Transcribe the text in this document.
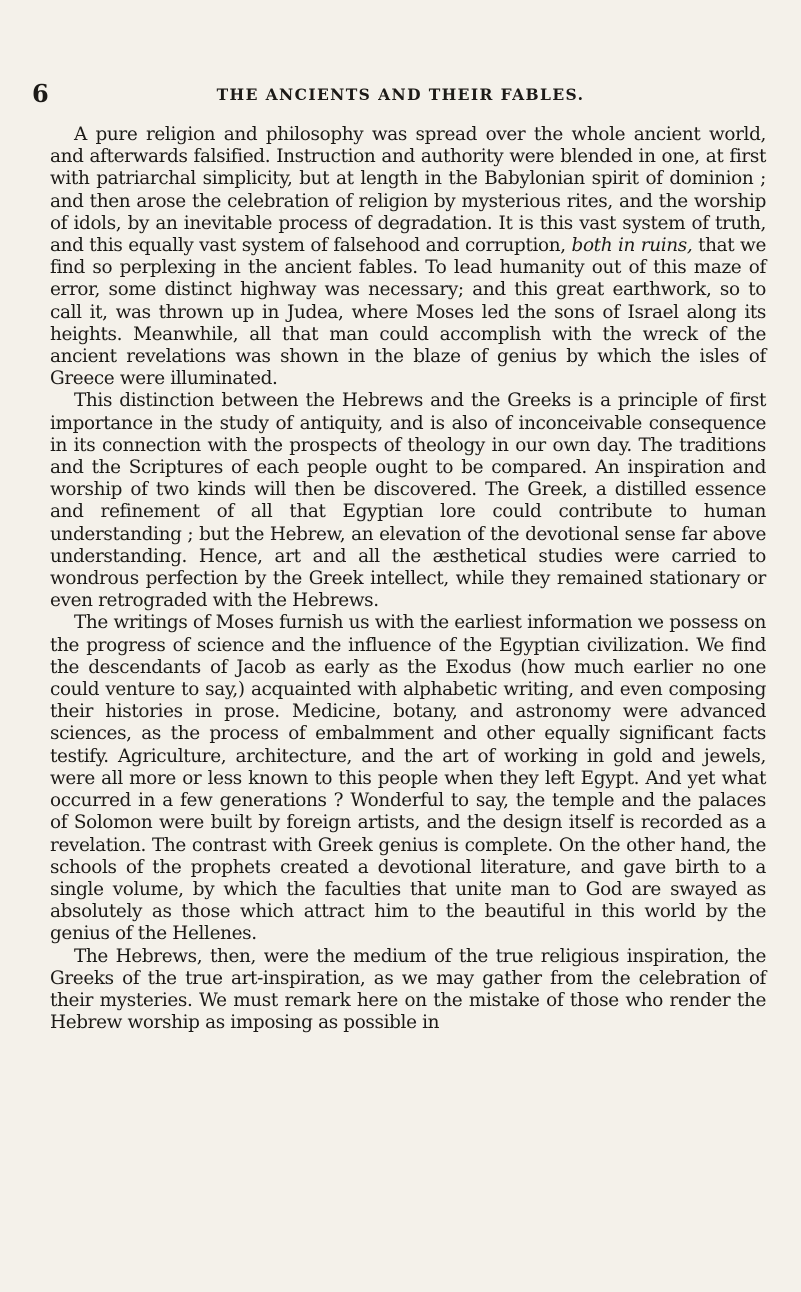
6	THE ANCIENTS AND THEIR FABLES.

A pure religion and philosophy was spread over the whole ancient world, and afterwards falsified. Instruction and authority were blended in one, at first with patriarchal simplicity, but at length in the Babylonian spirit of dominion ; and then arose the celebration of religion by mysterious rites, and the worship of idols, by an inevitable process of degradation. It is this vast system of truth, and this equally vast system of falsehood and corruption, both in ruins, that we find so perplexing in the ancient fables. To lead humanity out of this maze of error, some distinct highway was necessary; and this great earthwork, so to call it, was thrown up in Judea, where Moses led the sons of Israel along its heights. Meanwhile, all that man could accomplish with the wreck of the ancient revelations was shown in the blaze of genius by which the isles of Greece were illuminated.

This distinction between the Hebrews and the Greeks is a principle of first importance in the study of antiquity, and is also of inconceivable consequence in its connection with the prospects of theology in our own day. The traditions and the Scriptures of each people ought to be compared. An inspiration and worship of two kinds will then be discovered. The Greek, a distilled essence and refinement of all that Egyptian lore could contribute to human understanding ; but the Hebrew, an elevation of the devotional sense far above understanding. Hence, art and all the æsthetical studies were carried to wondrous perfection by the Greek intellect, while they remained stationary or even retrograded with the Hebrews.

The writings of Moses furnish us with the earliest information we possess on the progress of science and the influence of the Egyptian civilization. We find the descendants of Jacob as early as the Exodus (how much earlier no one could venture to say,) acquainted with alphabetic writing, and even composing their histories in prose. Medicine, botany, and astronomy were advanced sciences, as the process of embalmment and other equally significant facts testify. Agriculture, architecture, and the art of working in gold and jewels, were all more or less known to this people when they left Egypt. And yet what occurred in a few generations ? Wonderful to say, the temple and the palaces of Solomon were built by foreign artists, and the design itself is recorded as a revelation. The contrast with Greek genius is complete. On the other hand, the schools of the prophets created a devotional literature, and gave birth to a single volume, by which the faculties that unite man to God are swayed as absolutely as those which attract him to the beautiful in this world by the genius of the Hellenes.

The Hebrews, then, were the medium of the true religious inspiration, the Greeks of the true art-inspiration, as we may gather from the celebration of their mysteries. We must remark here on the mistake of those who render the Hebrew worship as imposing as possible in
